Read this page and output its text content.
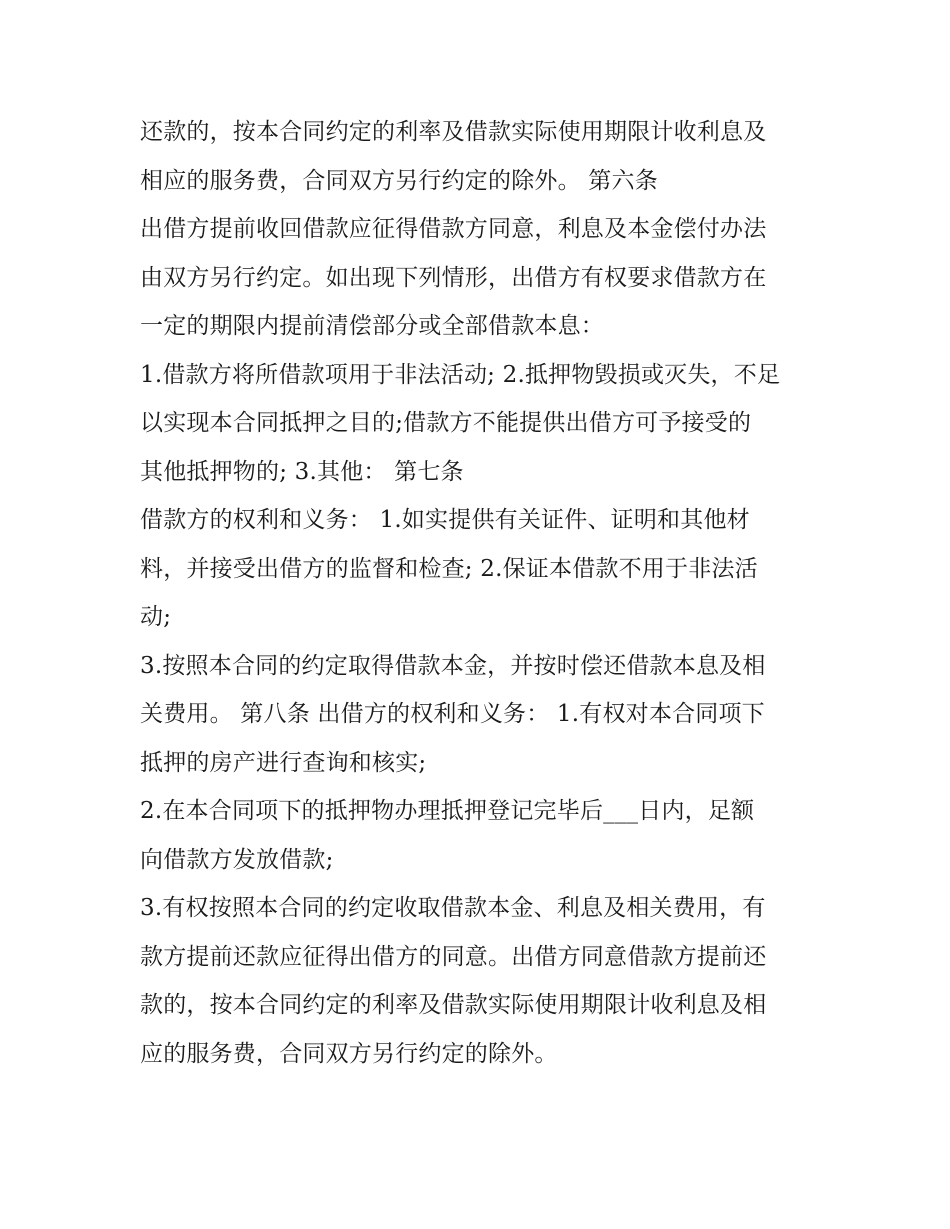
还款的，按本合同约定的利率及借款实际使用期限计收利息及
相应的服务费，合同双方另行约定的除外。 第六条
出借方提前收回借款应征得借款方同意，利息及本金偿付办法
由双方另行约定。如出现下列情形，出借方有权要求借款方在
一定的期限内提前清偿部分或全部借款本息：
1.借款方将所借款项用于非法活动; 2.抵押物毁损或灭失，不足
以实现本合同抵押之目的;借款方不能提供出借方可予接受的
其他抵押物的; 3.其他： 第七条
借款方的权利和义务： 1.如实提供有关证件、证明和其他材
料，并接受出借方的监督和检查; 2.保证本借款不用于非法活
动;
3.按照本合同的约定取得借款本金，并按时偿还借款本息及相
关费用。 第八条 出借方的权利和义务： 1.有权对本合同项下
抵押的房产进行查询和核实;
2.在本合同项下的抵押物办理抵押登记完毕后___日内，足额
向借款方发放借款;
3.有权按照本合同的约定收取借款本金、利息及相关费用，有
款方提前还款应征得出借方的同意。出借方同意借款方提前还
款的，按本合同约定的利率及借款实际使用期限计收利息及相
应的服务费，合同双方另行约定的除外。
